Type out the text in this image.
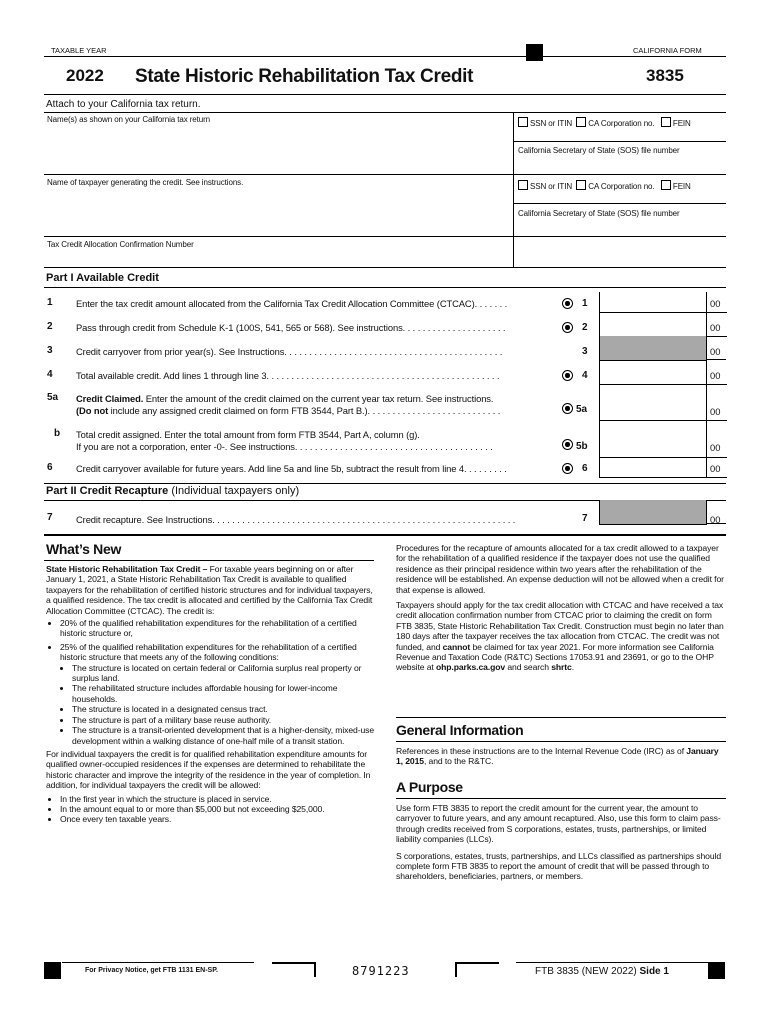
TAXABLE YEAR	CALIFORNIA FORM
2022 State Historic Rehabilitation Tax Credit	3835
Attach to your California tax return.
Name(s) as shown on your California tax return	SSN or ITIN CA Corporation no. FEIN
California Secretary of State (SOS) file number
Name of taxpayer generating the credit. See instructions.	SSN or ITIN CA Corporation no. FEIN
California Secretary of State (SOS) file number
Tax Credit Allocation Confirmation Number
Part I Available Credit
1 Enter the tax credit amount allocated from the California Tax Credit Allocation Committee (CTCAC). . . . . . .	1	00
2 Pass through credit from Schedule K-1 (100S, 541, 565 or 568). See instructions. . . . . . . . . . . . . . . . . . . . .	2	00
3 Credit carryover from prior year(s). See Instructions. . . . . . . . . . . . . . . . . . . . . . . . . . . . . . . . . . . . . . . . . . . .	3	00
4 Total available credit. Add lines 1 through line 3. . . . . . . . . . . . . . . . . . . . . . . . . . . . . . . . . . . . . . . . . . . . . . .	4	00
5a Credit Claimed. Enter the amount of the credit claimed on the current year tax return. See instructions.
(Do not include any assigned credit claimed on form FTB 3544, Part B.). . . . . . . . . . . . . . . . . . . . . . . . . . .	5a	00
b Total credit assigned. Enter the total amount from form FTB 3544, Part A, column (g).
If you are not a corporation, enter -0-. See instructions. . . . . . . . . . . . . . . . . . . . . . . . . . . . . . . . . . . . . . . .	5b	00
6 Credit carryover available for future years. Add line 5a and line 5b, subtract the result from line 4. . . . . . . . .	6	00
Part II Credit Recapture (Individual taxpayers only)
7 Credit recapture. See Instructions. . . . . . . . . . . . . . . . . . . . . . . . . . . . . . . . . . . . . . . . . . . . . . . . . . . . . . . . . . . . .	7	00
What’s New
State Historic Rehabilitation Tax Credit – For taxable years beginning on or after January 1, 2021, a State Historic Rehabilitation Tax Credit is available to qualified taxpayers for the rehabilitation of certified historic structures and for individual taxpayers, a qualified residence. The tax credit is allocated and certified by the California Tax Credit Allocation Committee (CTCAC). The credit is:
• 20% of the qualified rehabilitation expenditures for the rehabilitation of a certified historic structure or,
• 25% of the qualified rehabilitation expenditures for the rehabilitation of a certified historic structure that meets any of the following conditions:
• The structure is located on certain federal or California surplus real property or surplus land.
• The rehabilitated structure includes affordable housing for lower-income households.
• The structure is located in a designated census tract.
• The structure is part of a military base reuse authority.
• The structure is a transit-oriented development that is a higher-density, mixed-use development within a walking distance of one-half mile of a transit station.
For individual taxpayers the credit is for qualified rehabilitation expenditure amounts for qualified owner-occupied residences if the expenses are determined to rehabilitate the historic character and improve the integrity of the residence in the year of completion. In addition, for individual taxpayers the credit will be allowed:
• In the first year in which the structure is placed in service.
• In the amount equal to or more than $5,000 but not exceeding $25,000.
• Once every ten taxable years.
Procedures for the recapture of amounts allocated for a tax credit allowed to a taxpayer for the rehabilitation of a qualified residence if the taxpayer does not use the qualified residence as their principal residence within two years after the rehabilitation of the residence will be established. An expense deduction will not be allowed when a credit for that expense is allowed.
Taxpayers should apply for the tax credit allocation with CTCAC and have received a tax credit allocation confirmation number from CTCAC prior to claiming the credit on form FTB 3835, State Historic Rehabilitation Tax Credit. Construction must begin no later than 180 days after the taxpayer receives the tax allocation from CTCAC. The credit was not funded, and cannot be claimed for tax year 2021. For more information see California Revenue and Taxation Code (R&TC) Sections 17053.91 and 23691, or go to the OHP website at ohp.parks.ca.gov and search shrtc.
General Information
References in these instructions are to the Internal Revenue Code (IRC) as of January 1, 2015, and to the R&TC.
A Purpose
Use form FTB 3835 to report the credit amount for the current year, the amount to carryover to future years, and any amount recaptured. Also, use this form to claim pass-through credits received from S corporations, estates, trusts, partnerships, or limited liability companies (LLCs).
S corporations, estates, trusts, partnerships, and LLCs classified as partnerships should complete form FTB 3835 to report the amount of credit that will be passed through to shareholders, beneficiaries, partners, or members.
For Privacy Notice, get FTB 1131 EN-SP.	8791223	FTB 3835 (NEW 2022) Side 1
